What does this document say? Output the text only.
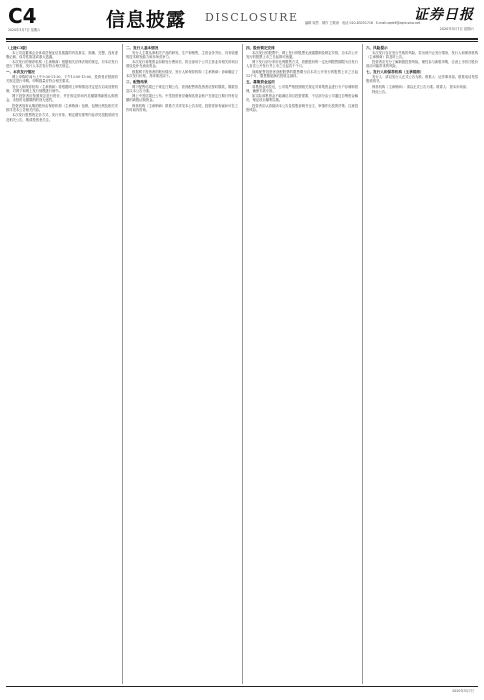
C4
2020年3月7日 星期六	信息披露 DISCLOSURE	证券日报
编辑 周然　制作 王敬涛　电话 010-83251716　E-mail:zqrb9@zqrb.sina.net
2020年3月7日 星期六
（上接C3版）

本公司及董事会全体成员保证信息披露的内容真实、准确、完整，没有虚假记载、误导性陈述或重大遗漏。

本次发行的保荐机构（主承销商）根据相关法律法规的规定，对本次发行进行了核查，发行人本次发行符合相关规定。

一、本次发行情况

网上申购时间为上午9:30-11:30，下午13:00-15:00，投资者应按照有关规定进行申购，申购数量应符合相关要求。

发行人和保荐机构（主承销商）将根据网上申购情况决定是否启动回拨机制，对网下和网上发行规模进行调节。

网下投资者应按照规定进行报价，并在规定时间内足额缴纳新股认购资金，未按时足额缴纳的视为违约。

投资者放弃认购的股份由保荐机构（主承销商）包销，包销比例及相关安排详见本公告相关内容。

本次发行股票的定价方式、发行对象、锁定期安排等内容详见招股说明书及相关公告，敬请投资者关注。

二、发行人基本情况

发行人主要从事相关产品的研发、生产和销售，主营业务突出，具有较强的技术研发能力和市场竞争力。

本次发行募集资金扣除发行费用后，将全部用于公司主营业务相关的项目建设及补充流动资金。

根据网下投资者的报价情况，发行人和保荐机构（主承销商）协商确定了本次发行价格，具体情况如下。

三、配售结果

网下配售结果已于规定日期公告，获得配售的投资者应按时缴款，缴款信息以本公告为准。

网上中签结果已公布，中签投资者应确保其资金账户在规定日期日终有足额的新股认购资金。

保荐机构（主承销商）联系方式详见本公告末尾，投资者如有疑问可在工作时间内咨询。

四、股份锁定安排

本次发行的股票中，网上发行的股票无流通限制及锁定安排，自本次公开发行的股票上市之日起即可流通。

网下发行部分采用比例限售方式，获配股份的一定比例限售期限为自发行人首次公开发行并上市之日起若干个月。

战略配售投资者获配股票的限售期为自本次公开发行的股票上市之日起12个月，限售期届满后按规定减持。

五、募集资金运用

募集资金到位后，公司将严格按照相关规定对募集资金进行专户存储和管理，确保专款专用。

如实际募集资金不能满足项目投资需要，不足部分由公司通过自筹资金解决，保证项目顺利实施。

投资者应认真阅读本公告及招股说明书全文，审慎作出投资决策，注意投资风险。

六、风险提示

本次发行存在发行失败的风险，若出现中止发行情形，发行人和保荐机构（主承销商）将及时公告。

投资者应充分了解新股投资风险，理性参与新股申购，注意上市首日股价波动可能带来的风险。

七、发行人和保荐机构（主承销商）

发行人：请以发行人正式公告为准。联系人：证券事务部。联系电话见招股说明书。

保荐机构（主承销商）：请以正式公告为准。联系人：资本市场部。

特此公告。

2020年3月7日
